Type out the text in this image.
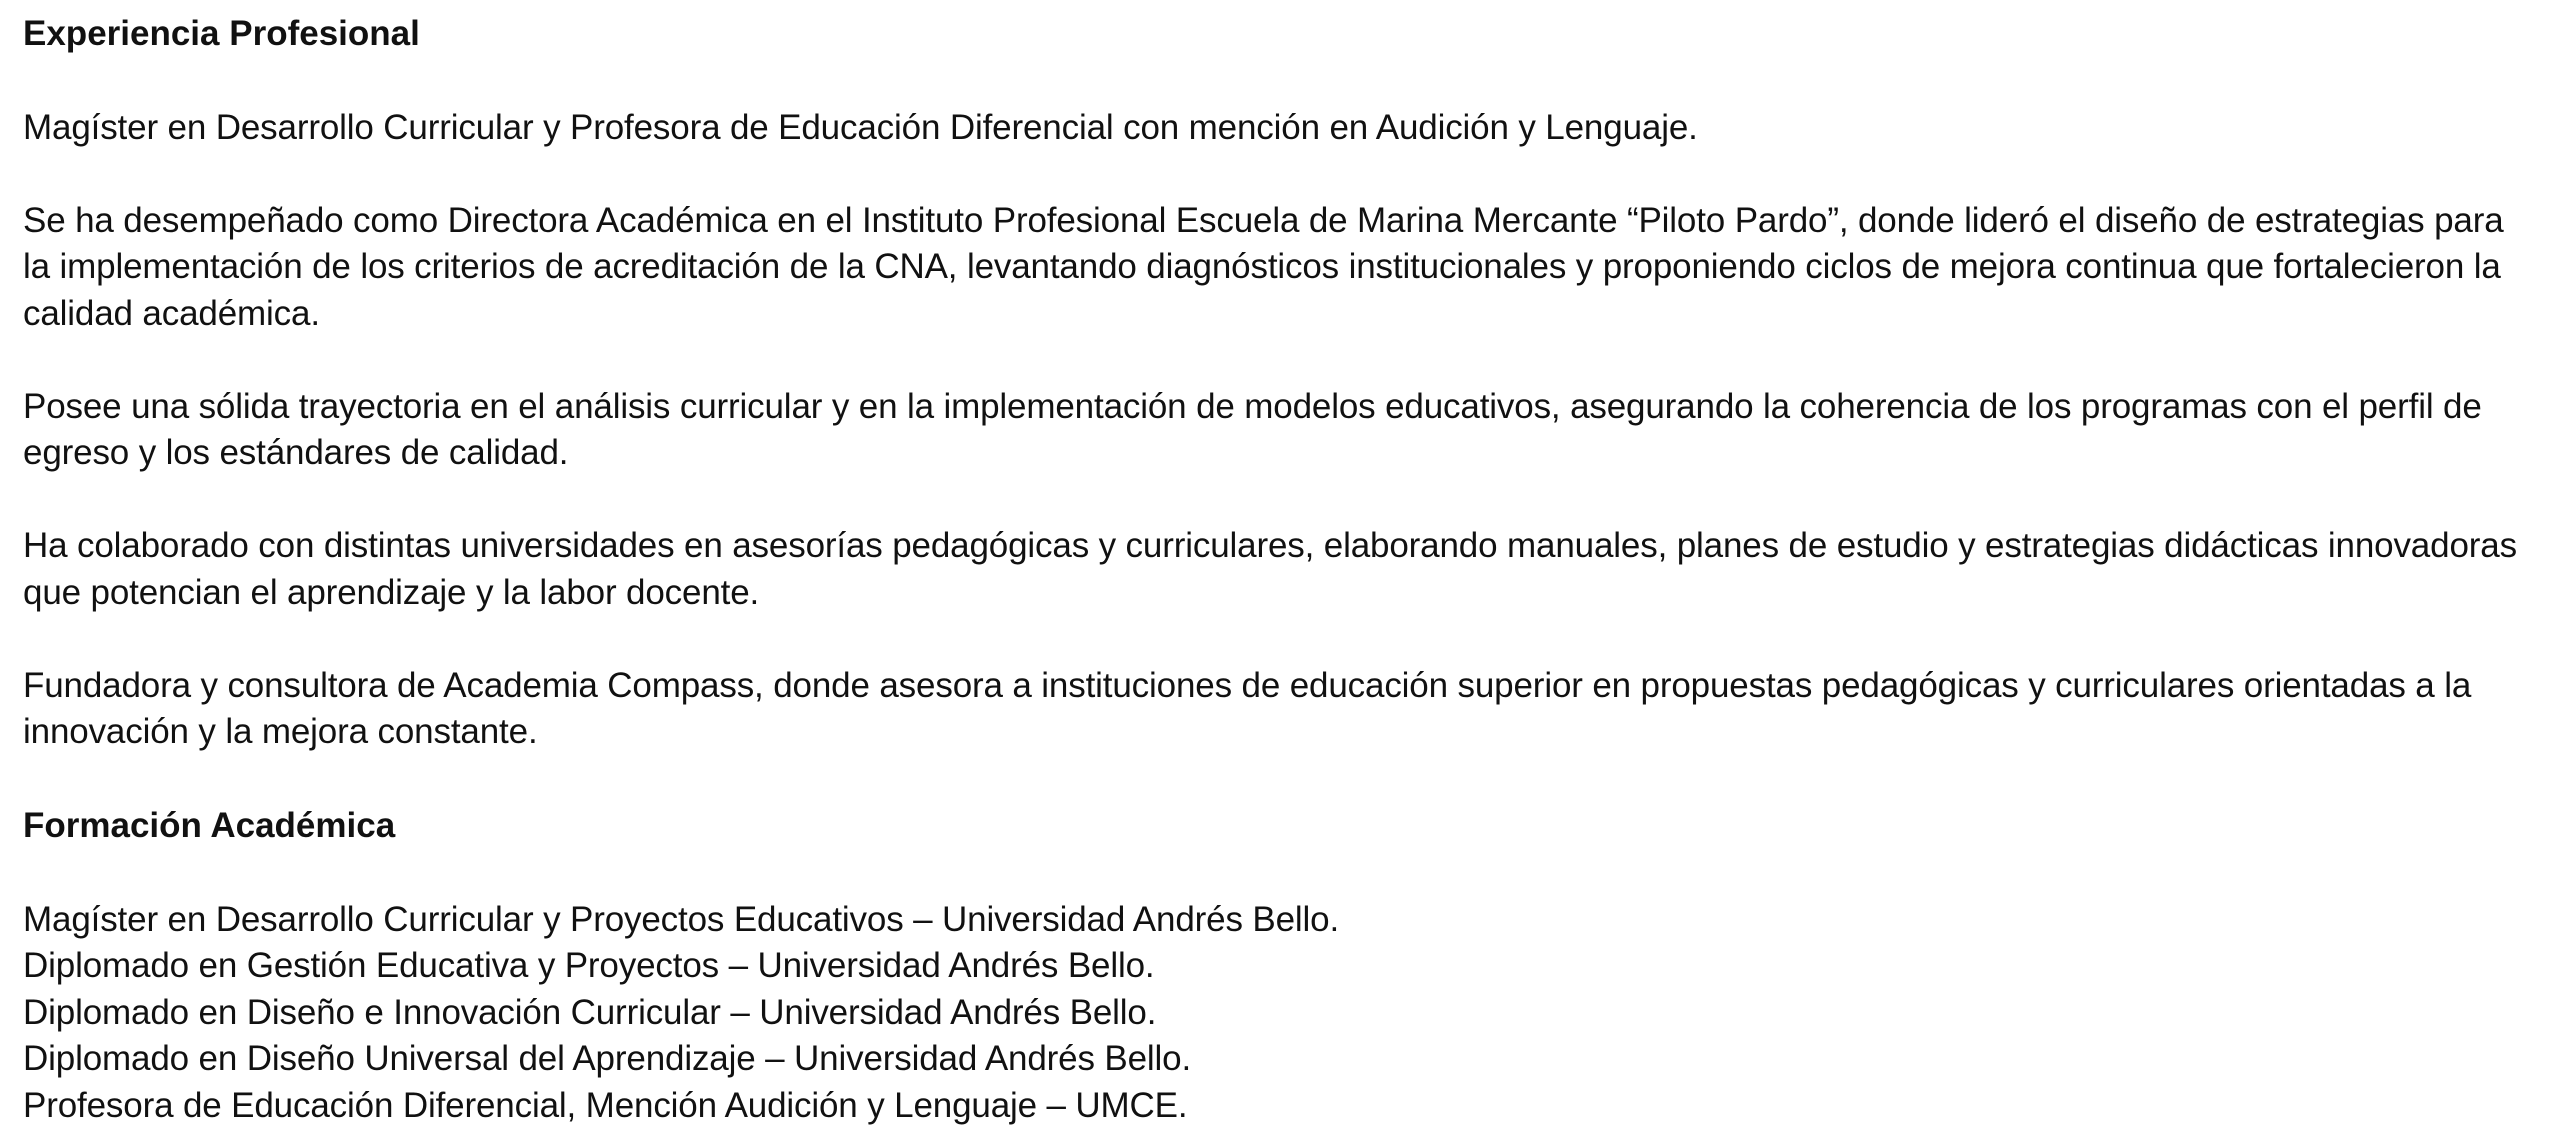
Experiencia Profesional

Magíster en Desarrollo Curricular y Profesora de Educación Diferencial con mención en Audición y Lenguaje.

Se ha desempeñado como Directora Académica en el Instituto Profesional Escuela de Marina Mercante “Piloto Pardo”, donde lideró el diseño de estrategias para la implementación de los criterios de acreditación de la CNA, levantando diagnósticos institucionales y proponiendo ciclos de mejora continua que fortalecieron la calidad académica.

Posee una sólida trayectoria en el análisis curricular y en la implementación de modelos educativos, asegurando la coherencia de los programas con el perfil de egreso y los estándares de calidad.

Ha colaborado con distintas universidades en asesorías pedagógicas y curriculares, elaborando manuales, planes de estudio y estrategias didácticas innovadoras que potencian el aprendizaje y la labor docente.

Fundadora y consultora de Academia Compass, donde asesora a instituciones de educación superior en propuestas pedagógicas y curriculares orientadas a la innovación y la mejora constante.

Formación Académica
Magíster en Desarrollo Curricular y Proyectos Educativos – Universidad Andrés Bello.
Diplomado en Gestión Educativa y Proyectos – Universidad Andrés Bello.
Diplomado en Diseño e Innovación Curricular – Universidad Andrés Bello.
Diplomado en Diseño Universal del Aprendizaje – Universidad Andrés Bello.
Profesora de Educación Diferencial, Mención Audición y Lenguaje – UMCE.
